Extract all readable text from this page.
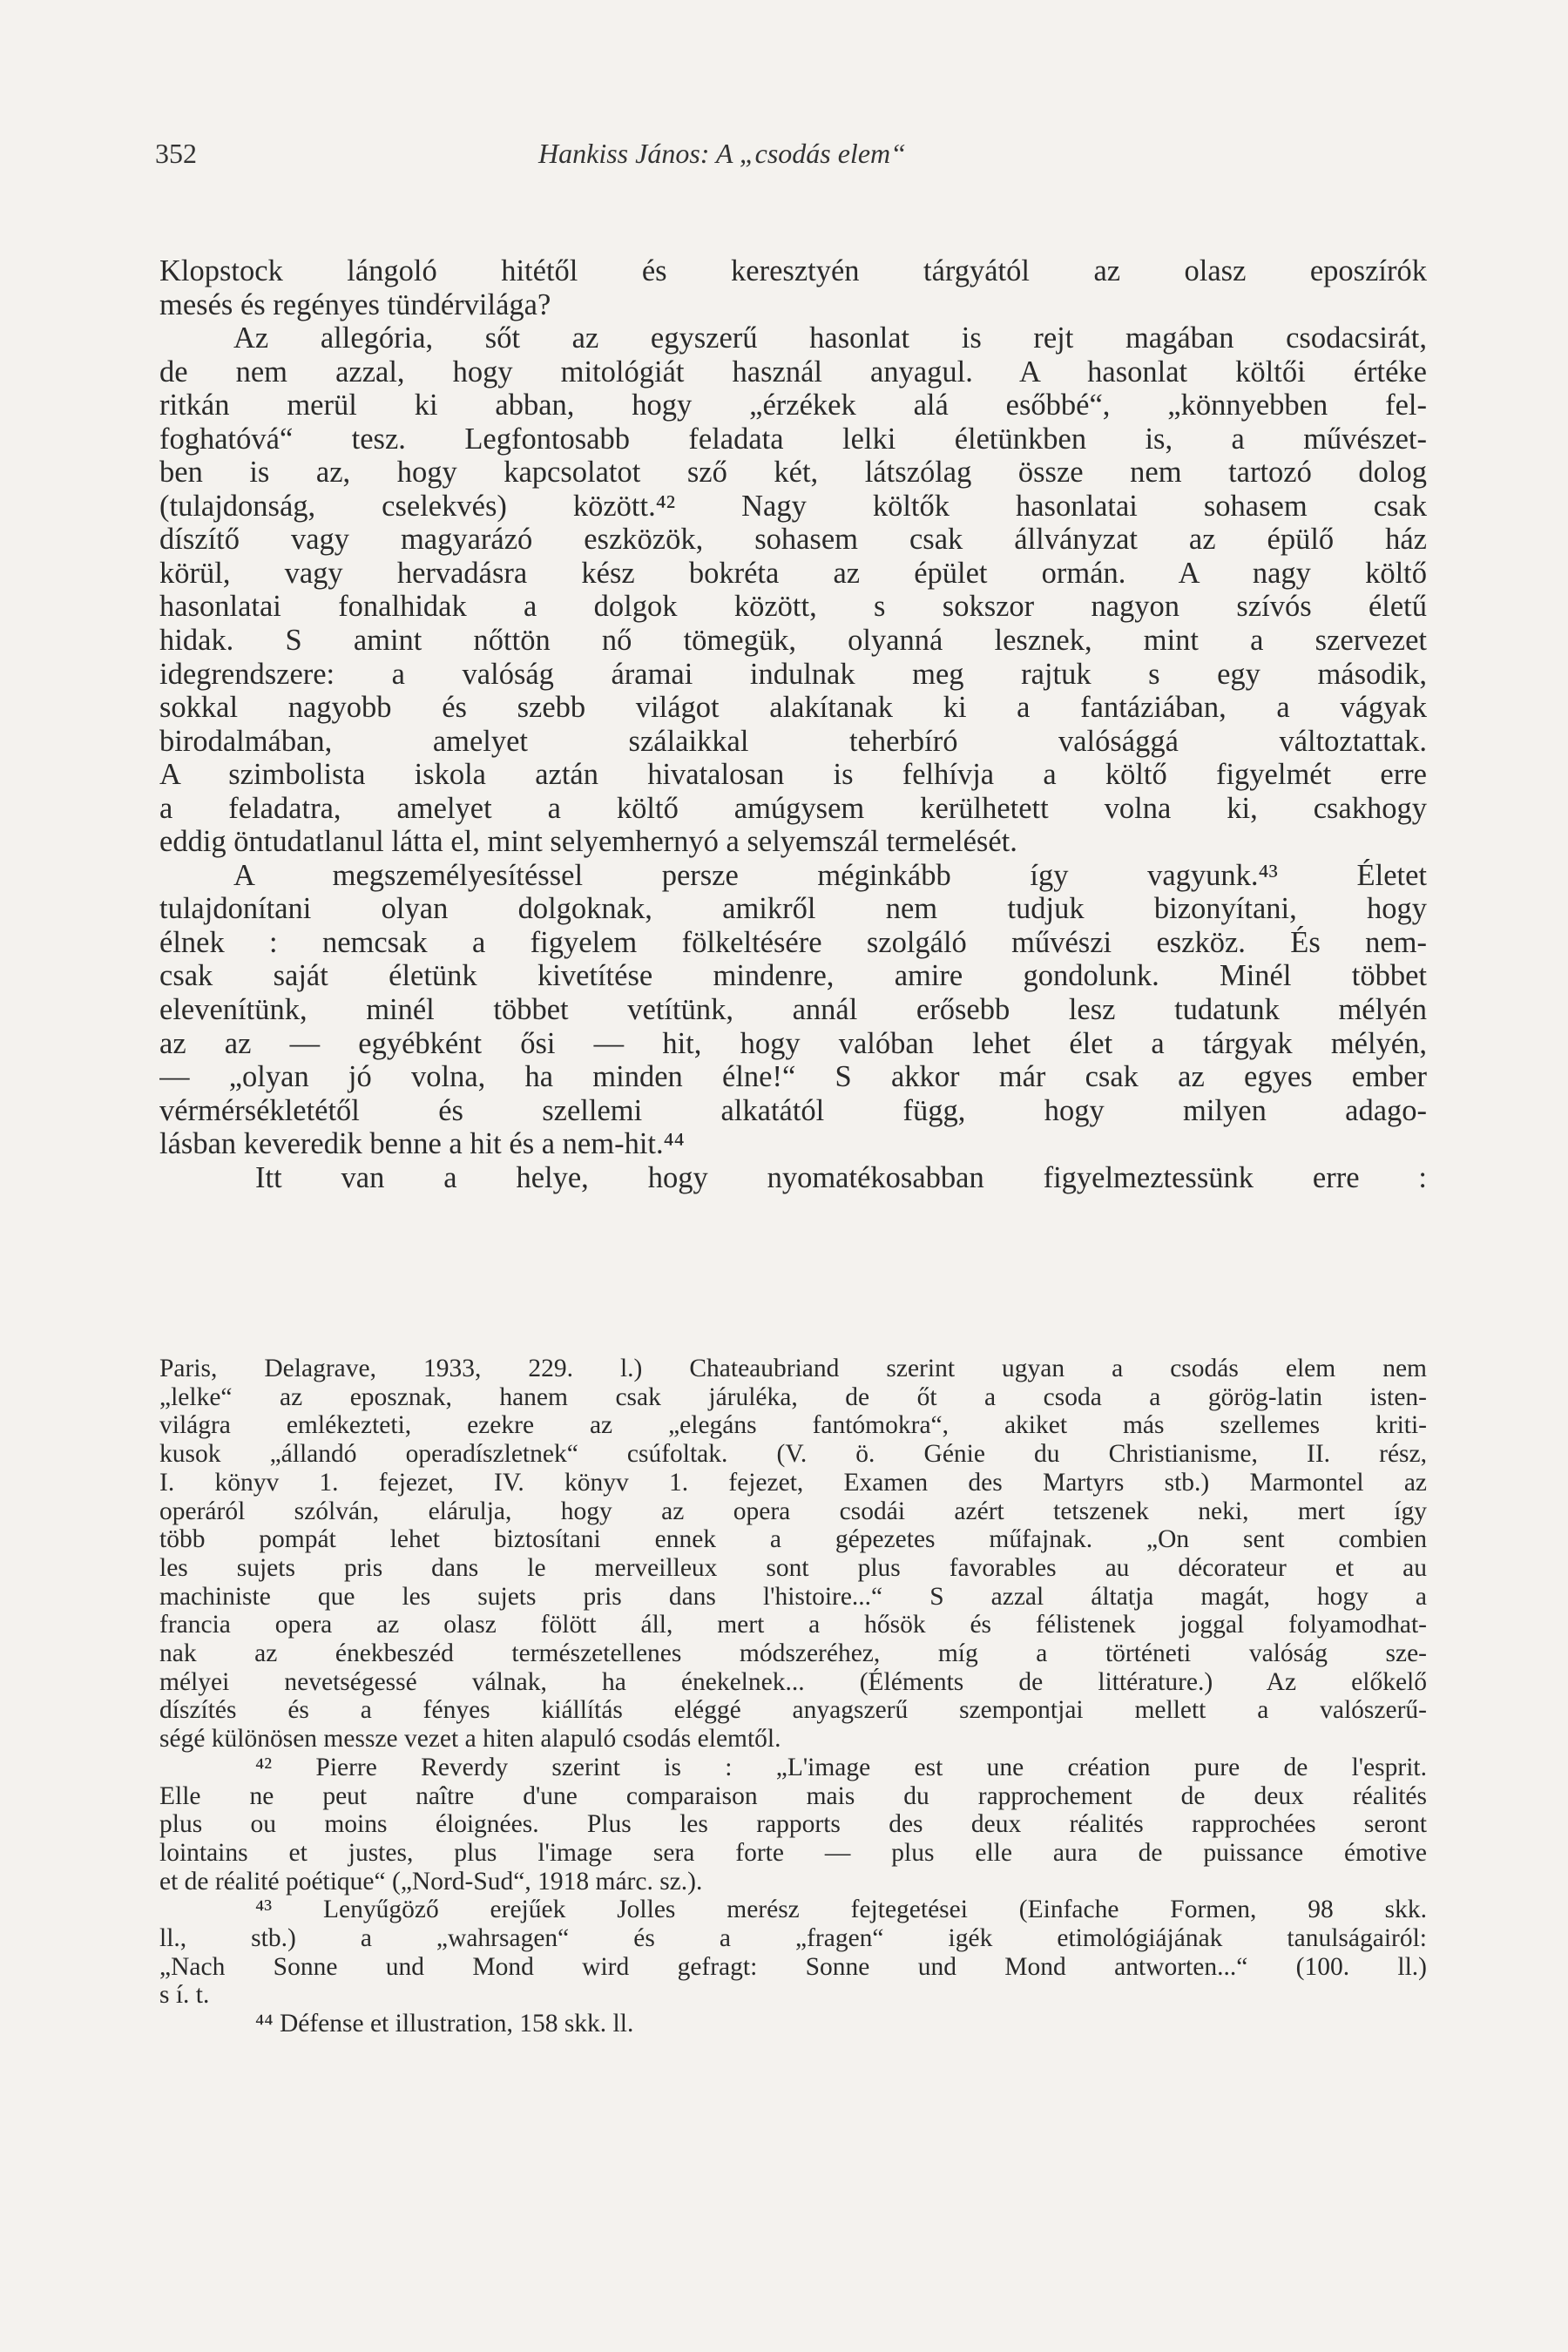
352	Hankiss János: A „csodás elem“
Klopstock lángoló hitétől és keresztyén tárgyától az olasz eposzírók
mesés és regényes tündérvilága?
Az allegória, sőt az egyszerű hasonlat is rejt magában csodacsirát,
de nem azzal, hogy mitológiát használ anyagul. A hasonlat költői értéke
ritkán merül ki abban, hogy „érzékek alá esőbbé“, „könnyebben fel-
foghatóvá“ tesz. Legfontosabb feladata lelki életünkben is, a művészet-
ben is az, hogy kapcsolatot sző két, látszólag össze nem tartozó dolog
(tulajdonság, cselekvés) között.⁴² Nagy költők hasonlatai sohasem csak
díszítő vagy magyarázó eszközök, sohasem csak állványzat az épülő ház
körül, vagy hervadásra kész bokréta az épület ormán. A nagy költő
hasonlatai fonalhidak a dolgok között, s sokszor nagyon szívós életű
hidak. S amint nőttön nő tömegük, olyanná lesznek, mint a szervezet
idegrendszere: a valóság áramai indulnak meg rajtuk s egy második,
sokkal nagyobb és szebb világot alakítanak ki a fantáziában, a vágyak
birodalmában, amelyet szálaikkal teherbíró valósággá változtattak.
A szimbolista iskola aztán hivatalosan is felhívja a költő figyelmét erre
a feladatra, amelyet a költő amúgysem kerülhetett volna ki, csakhogy
eddig öntudatlanul látta el, mint selyemhernyó a selyemszál termelését.
A megszemélyesítéssel persze méginkább így vagyunk.⁴³ Életet
tulajdonítani olyan dolgoknak, amikről nem tudjuk bizonyítani, hogy
élnek : nemcsak a figyelem fölkeltésére szolgáló művészi eszköz. És nem-
csak saját életünk kivetítése mindenre, amire gondolunk. Minél többet
elevenítünk, minél többet vetítünk, annál erősebb lesz tudatunk mélyén
az az — egyébként ősi — hit, hogy valóban lehet élet a tárgyak mélyén,
— „olyan jó volna, ha minden élne!“ S akkor már csak az egyes ember
vérmérsékletétől és szellemi alkatától függ, hogy milyen adago-
lásban keveredik benne a hit és a nem-hit.⁴⁴
Itt van a helye, hogy nyomatékosabban figyelmeztessünk erre :
Paris, Delagrave, 1933, 229. l.) Chateaubriand szerint ugyan a csodás elem nem
„lelke“ az eposznak, hanem csak járuléka, de őt a csoda a görög-latin isten-
világra emlékezteti, ezekre az „elegáns fantómokra“, akiket más szellemes kriti-
kusok „állandó operadíszletnek“ csúfoltak. (V. ö. Génie du Christianisme, II. rész,
I. könyv 1. fejezet, IV. könyv 1. fejezet, Examen des Martyrs stb.) Marmontel az
operáról szólván, elárulja, hogy az opera csodái azért tetszenek neki, mert így
több pompát lehet biztosítani ennek a gépezetes műfajnak. „On sent combien
les sujets pris dans le merveilleux sont plus favorables au décorateur et au
machiniste que les sujets pris dans l'histoire...“ S azzal áltatja magát, hogy a
francia opera az olasz fölött áll, mert a hősök és félistenek joggal folyamodhat-
nak az énekbeszéd természetellenes módszeréhez, míg a történeti valóság sze-
mélyei nevetségessé válnak, ha énekelnek... (Éléments de littérature.) Az előkelő
díszítés és a fényes kiállítás eléggé anyagszerű szempontjai mellett a valószerű-
ségé különösen messze vezet a hiten alapuló csodás elemtől.
⁴² Pierre Reverdy szerint is : „L'image est une création pure de l'esprit.
Elle ne peut naître d'une comparaison mais du rapprochement de deux réalités
plus ou moins éloignées. Plus les rapports des deux réalités rapprochées seront
lointains et justes, plus l'image sera forte — plus elle aura de puissance émotive
et de réalité poétique“ („Nord-Sud“, 1918 márc. sz.).
⁴³ Lenyűgöző erejűek Jolles merész fejtegetései (Einfache Formen, 98 skk.
ll., stb.) a „wahrsagen“ és a „fragen“ igék etimológiájának tanulságairól:
„Nach Sonne und Mond wird gefragt: Sonne und Mond antworten...“ (100. ll.)
s í. t.
⁴⁴ Défense et illustration, 158 skk. ll.
